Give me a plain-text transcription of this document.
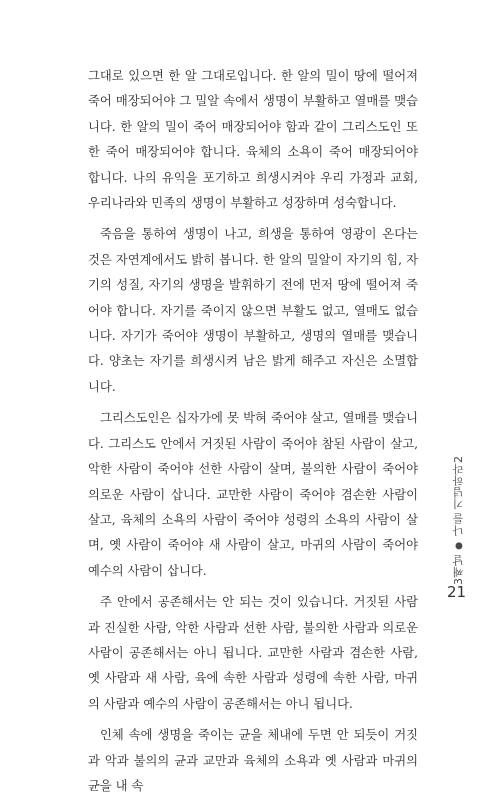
그대로 있으면 한 알 그대로입니다. 한 알의 밀이 땅에 떨어져 죽어 매장되어야 그 밀알 속에서 생명이 부활하고 열매를 맺습니다. 한 알의 밀이 죽어 매장되어야 함과 같이 그리스도인 또한 죽어 매장되어야 합니다. 육체의 소욕이 죽어 매장되어야 합니다. 나의 유익을 포기하고 희생시켜야 우리 가정과 교회, 우리나라와 민족의 생명이 부활하고 성장하며 성숙합니다.

죽음을 통하여 생명이 나고, 희생을 통하여 영광이 온다는 것은 자연계에서도 밝히 봅니다. 한 알의 밀알이 자기의 힘, 자기의 성질, 자기의 생명을 발휘하기 전에 먼저 땅에 떨어져 죽어야 합니다. 자기를 죽이지 않으면 부활도 없고, 열매도 없습니다. 자기가 죽어야 생명이 부활하고, 생명의 열매를 맺습니다. 양초는 자기를 희생시켜 남은 밝게 해주고 자신은 소멸합니다.

그리스도인은 십자가에 못 박혀 죽어야 살고, 열매를 맺습니다. 그리스도 안에서 거짓된 사람이 죽어야 참된 사람이 살고, 악한 사람이 죽어야 선한 사람이 살며, 불의한 사람이 죽어야 의로운 사람이 삽니다. 교만한 사람이 죽어야 겸손한 사람이 살고, 육체의 소욕의 사람이 죽어야 성령의 소욕의 사람이 살며, 옛 사람이 죽어야 새 사람이 살고, 마귀의 사람이 죽어야 예수의 사람이 삽니다.

주 안에서 공존해서는 안 되는 것이 있습니다. 거짓된 사람과 진실한 사람, 악한 사람과 선한 사람, 불의한 사람과 의로운 사람이 공존해서는 아니 됩니다. 교만한 사람과 겸손한 사람, 옛 사람과 새 사람, 육에 속한 사람과 성령에 속한 사람, 마귀의 사람과 예수의 사람이 공존해서는 아니 됩니다.

인체 속에 생명을 죽이는 균을 체내에 두면 안 되듯이 거짓과 악과 불의의 균과 교만과 육체의 소욕과 옛 사람과 마귀의 균을 내 속

3째날 ● 나를 기념하라2
21
